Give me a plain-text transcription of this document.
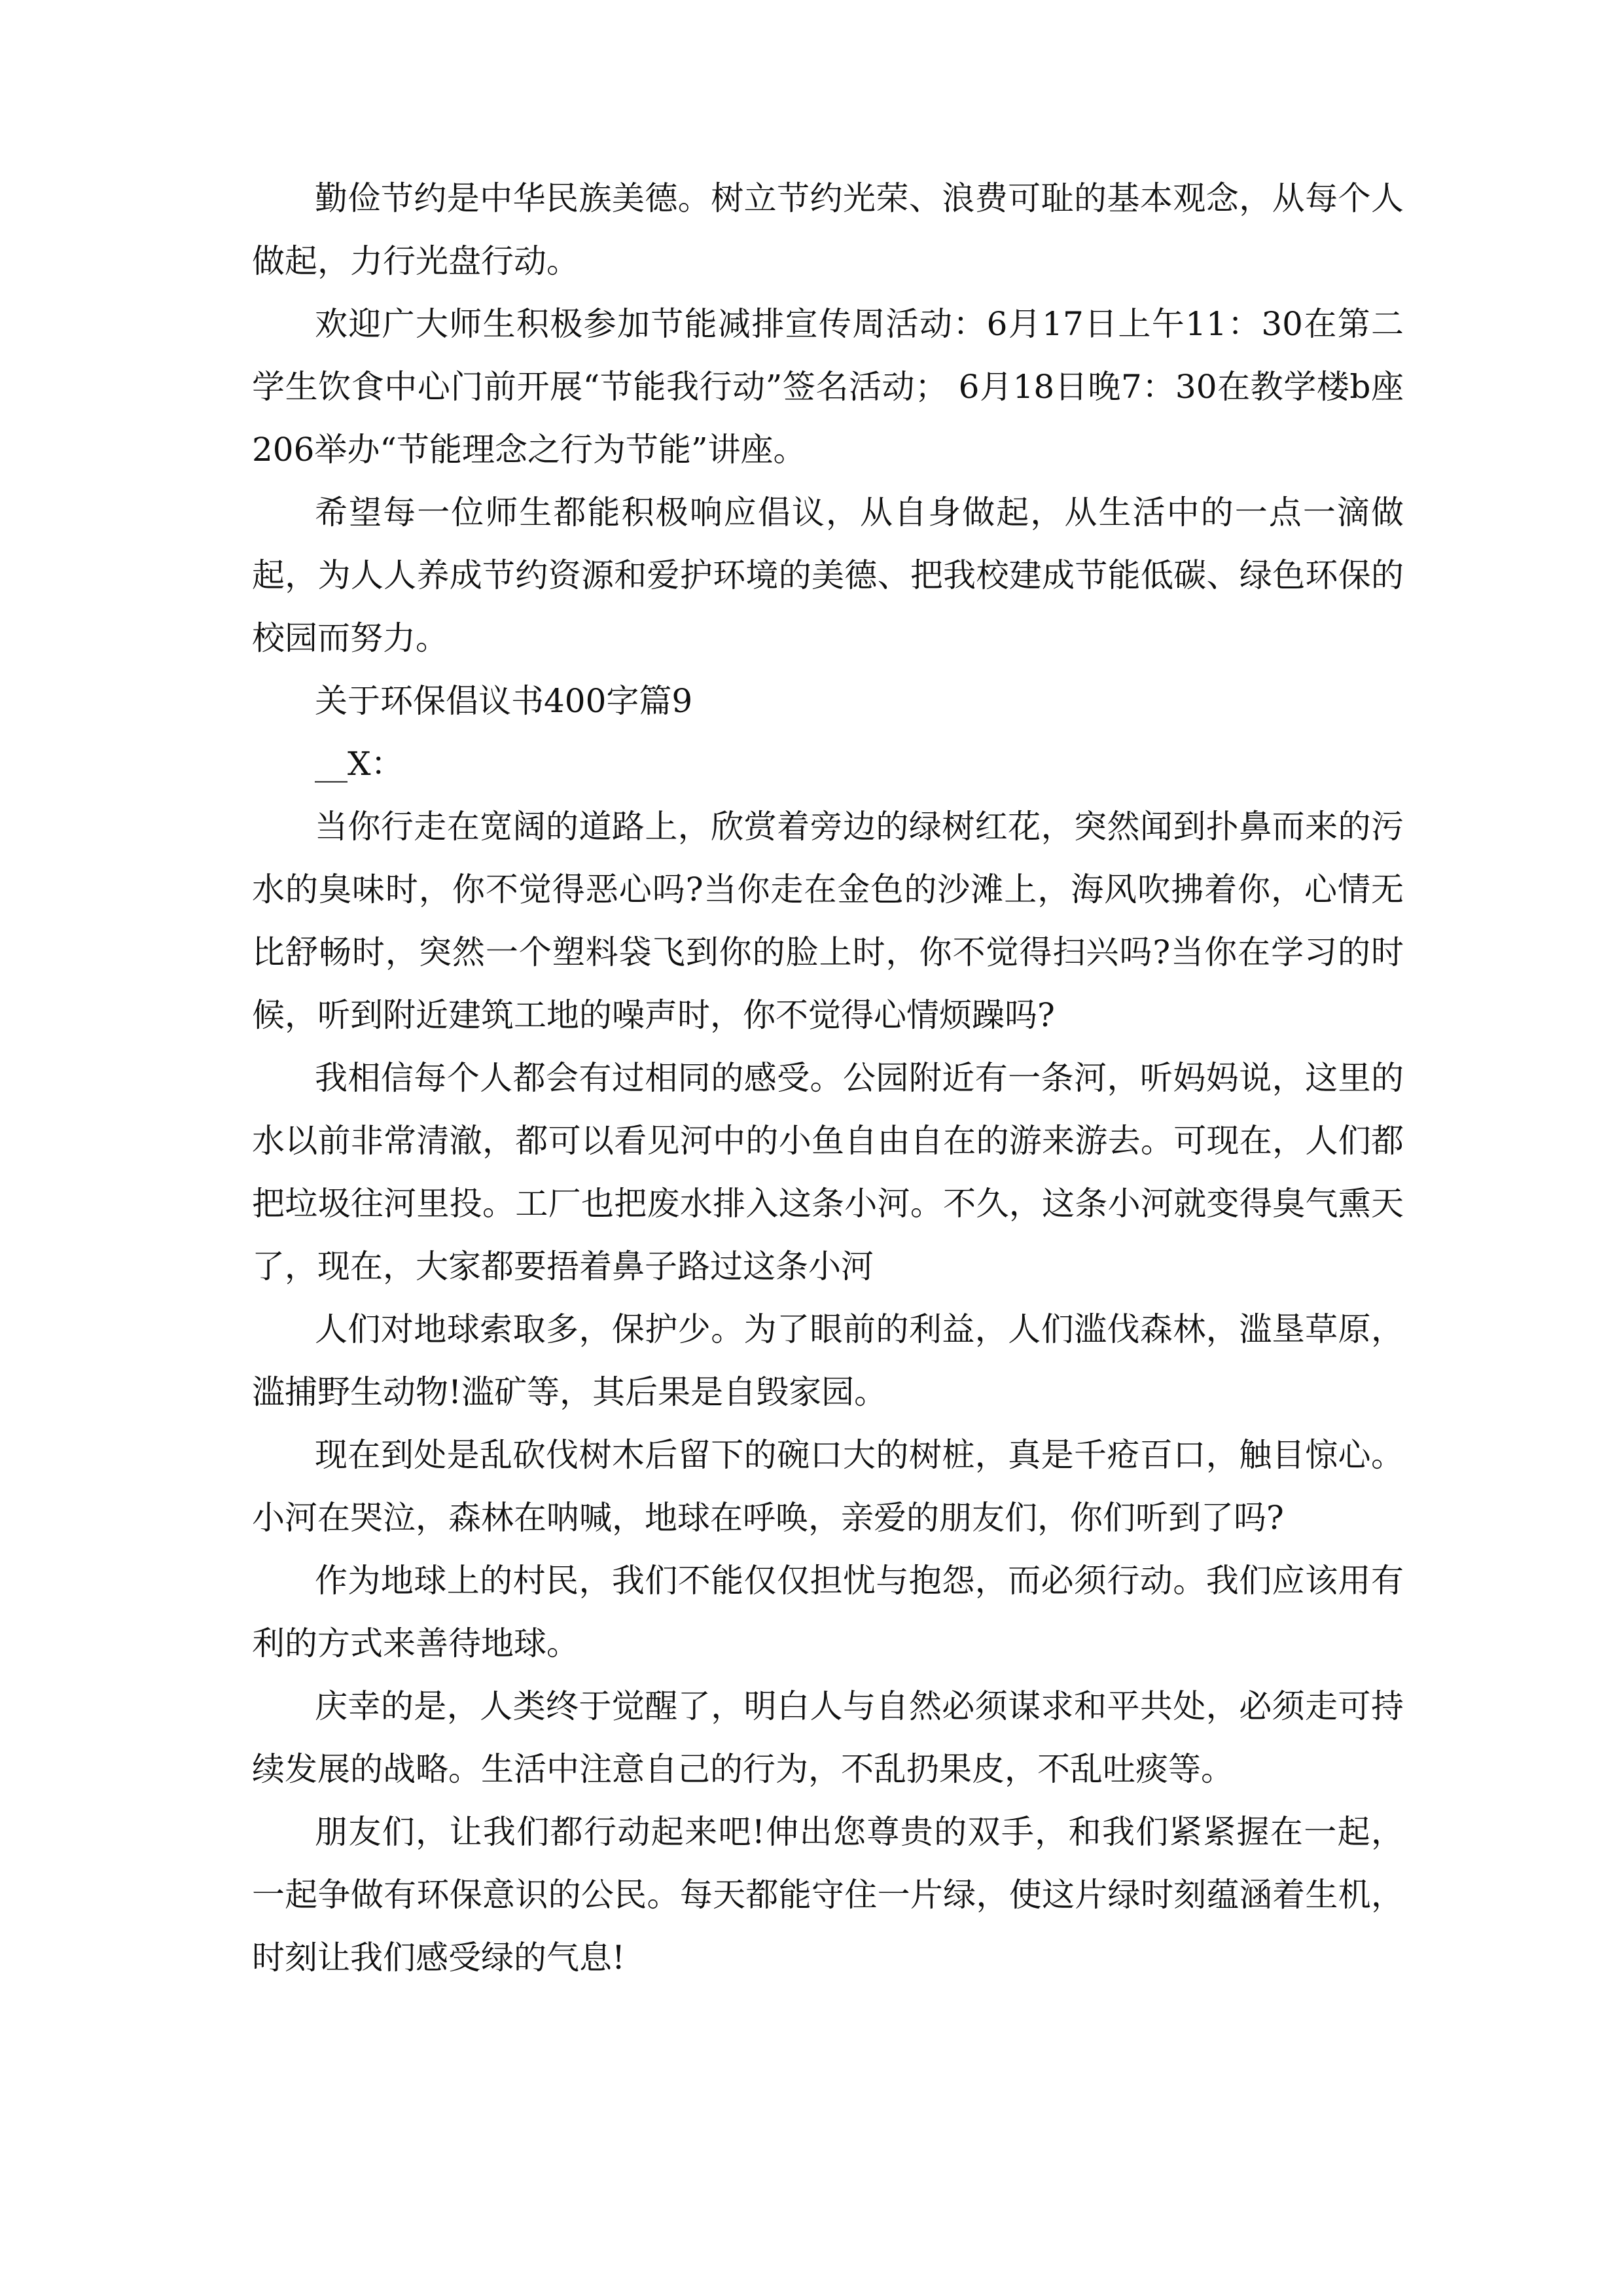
勤俭节约是中华民族美德。树立节约光荣、浪费可耻的基本观念，从每个人做起，力行光盘行动。

欢迎广大师生积极参加节能减排宣传周活动：6月17日上午11：30在第二学生饮食中心门前开展“节能我行动”签名活动； 6月18日晚7：30在教学楼b座206举办“节能理念之行为节能”讲座。

希望每一位师生都能积极响应倡议，从自身做起，从生活中的一点一滴做起，为人人养成节约资源和爱护环境的美德、把我校建成节能低碳、绿色环保的校园而努力。

关于环保倡议书400字篇9

__X：

当你行走在宽阔的道路上，欣赏着旁边的绿树红花，突然闻到扑鼻而来的污水的臭味时，你不觉得恶心吗?当你走在金色的沙滩上，海风吹拂着你，心情无比舒畅时，突然一个塑料袋飞到你的脸上时，你不觉得扫兴吗?当你在学习的时候，听到附近建筑工地的噪声时，你不觉得心情烦躁吗?

我相信每个人都会有过相同的感受。公园附近有一条河，听妈妈说，这里的水以前非常清澈，都可以看见河中的小鱼自由自在的游来游去。可现在，人们都把垃圾往河里投。工厂也把废水排入这条小河。不久，这条小河就变得臭气熏天了，现在，大家都要捂着鼻子路过这条小河

人们对地球索取多，保护少。为了眼前的利益，人们滥伐森林，滥垦草原，滥捕野生动物!滥矿等，其后果是自毁家园。

现在到处是乱砍伐树木后留下的碗口大的树桩，真是千疮百口，触目惊心。小河在哭泣，森林在呐喊，地球在呼唤，亲爱的朋友们，你们听到了吗?

作为地球上的村民，我们不能仅仅担忧与抱怨，而必须行动。我们应该用有利的方式来善待地球。

庆幸的是，人类终于觉醒了，明白人与自然必须谋求和平共处，必须走可持续发展的战略。生活中注意自己的行为，不乱扔果皮，不乱吐痰等。

朋友们，让我们都行动起来吧!伸出您尊贵的双手，和我们紧紧握在一起，一起争做有环保意识的公民。每天都能守住一片绿，使这片绿时刻蕴涵着生机，时刻让我们感受绿的气息!
